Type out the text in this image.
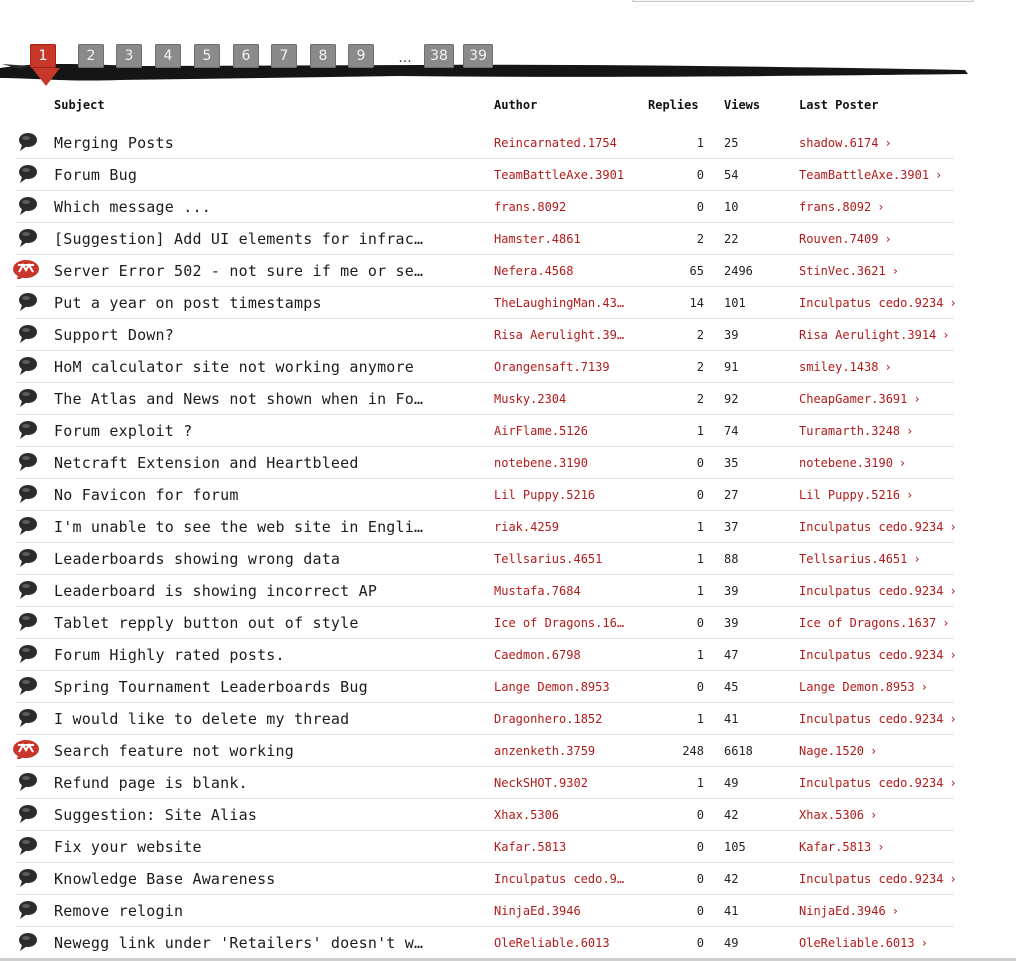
1	2	3	4	5	6	7	8	9	38	39
...
Subject	Author	Replies Views	Last Poster
Merging Posts	Reincarnated.1754	1 25	shadow.6174 ›
Forum Bug	TeamBattleAxe.3901	0 54	TeamBattleAxe.3901 ›
Which message ...	frans.8092	0 10	frans.8092 ›
[Suggestion] Add UI elements for infrac…	Hamster.4861	2 22	Rouven.7409 ›
Server Error 502 - not sure if me or se…	Nefera.4568	65 2496	StinVec.3621 ›
Put a year on post timestamps	TheLaughingMan.43…	14 101	Inculpatus cedo.9234 ›
Support Down?	Risa Aerulight.39…	2 39	Risa Aerulight.3914 ›
HoM calculator site not working anymore	Orangensaft.7139	2 91	smiley.1438 ›
The Atlas and News not shown when in Fo…	Musky.2304	2 92	CheapGamer.3691 ›
Forum exploit ?	AirFlame.5126	1 74	Turamarth.3248 ›
Netcraft Extension and Heartbleed	notebene.3190	0 35	notebene.3190 ›
No Favicon for forum	Lil Puppy.5216	0 27	Lil Puppy.5216 ›
I'm unable to see the web site in Engli…	riak.4259	1 37	Inculpatus cedo.9234 ›
Leaderboards showing wrong data	Tellsarius.4651	1 88	Tellsarius.4651 ›
Leaderboard is showing incorrect AP	Mustafa.7684	1 39	Inculpatus cedo.9234 ›
Tablet repply button out of style	Ice of Dragons.16…	0 39	Ice of Dragons.1637 ›
Forum Highly rated posts.	Caedmon.6798	1 47	Inculpatus cedo.9234 ›
Spring Tournament Leaderboards Bug	Lange Demon.8953	0 45	Lange Demon.8953 ›
I would like to delete my thread	Dragonhero.1852	1 41	Inculpatus cedo.9234 ›
Search feature not working	anzenketh.3759	248 6618	Nage.1520 ›
Refund page is blank.	NeckSHOT.9302	1 49	Inculpatus cedo.9234 ›
Suggestion: Site Alias	Xhax.5306	0 42	Xhax.5306 ›
Fix your website	Kafar.5813	0 105	Kafar.5813 ›
Knowledge Base Awareness	Inculpatus cedo.9…	0 42	Inculpatus cedo.9234 ›
Remove relogin	NinjaEd.3946	0 41	NinjaEd.3946 ›
Newegg link under 'Retailers' doesn't w…	OleReliable.6013	0 49	OleReliable.6013 ›
